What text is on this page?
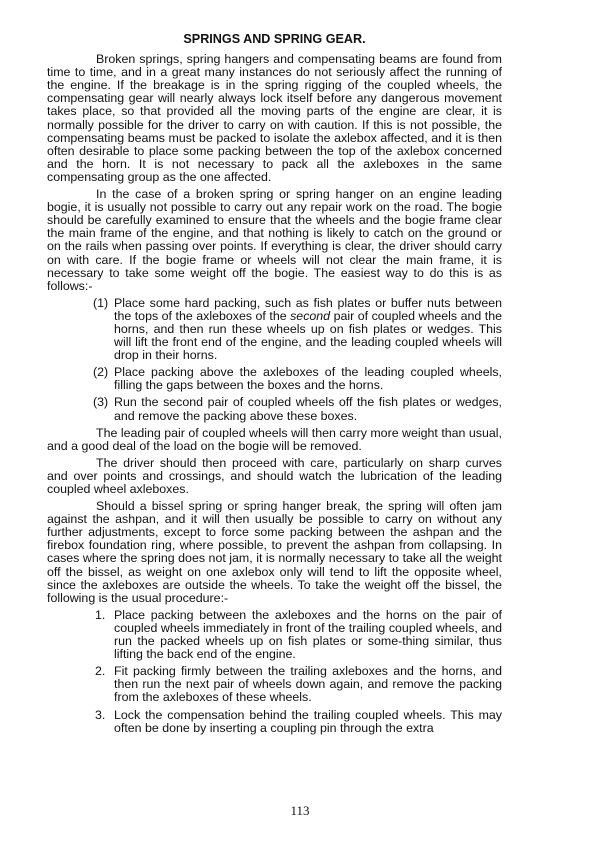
SPRINGS AND SPRING GEAR.

Broken springs, spring hangers and compensating beams are found from time to time, and in a great many instances do not seriously affect the running of the engine. If the breakage is in the spring rigging of the coupled wheels, the compensating gear will nearly always lock itself before any dangerous movement takes place, so that provided all the moving parts of the engine are clear, it is normally possible for the driver to carry on with caution. If this is not possible, the compensating beams must be packed to isolate the axlebox affected, and it is then often desirable to place some packing between the top of the axlebox concerned and the horn. It is not necessary to pack all the axleboxes in the same compensating group as the one affected.

In the case of a broken spring or spring hanger on an engine leading bogie, it is usually not possible to carry out any repair work on the road. The bogie should be carefully examined to ensure that the wheels and the bogie frame clear the main frame of the engine, and that nothing is likely to catch on the ground or on the rails when passing over points. If everything is clear, the driver should carry on with care. If the bogie frame or wheels will not clear the main frame, it is necessary to take some weight off the bogie. The easiest way to do this is as follows:-

(1) Place some hard packing, such as fish plates or buffer nuts between the tops of the axleboxes of the second pair of coupled wheels and the horns, and then run these wheels up on fish plates or wedges. This will lift the front end of the engine, and the leading coupled wheels will drop in their horns.
(2) Place packing above the axleboxes of the leading coupled wheels, filling the gaps between the boxes and the horns.
(3) Run the second pair of coupled wheels off the fish plates or wedges, and remove the packing above these boxes.

The leading pair of coupled wheels will then carry more weight than usual, and a good deal of the load on the bogie will be removed.

The driver should then proceed with care, particularly on sharp curves and over points and crossings, and should watch the lubrication of the leading coupled wheel axleboxes.

Should a bissel spring or spring hanger break, the spring will often jam against the ashpan, and it will then usually be possible to carry on without any further adjustments, except to force some packing between the ashpan and the firebox foundation ring, where possible, to prevent the ashpan from collapsing. In cases where the spring does not jam, it is normally necessary to take all the weight off the bissel, as weight on one axlebox only will tend to lift the opposite wheel, since the axleboxes are outside the wheels. To take the weight off the bissel, the following is the usual procedure:-

1. Place packing between the axleboxes and the horns on the pair of coupled wheels immediately in front of the trailing coupled wheels, and run the packed wheels up on fish plates or some-thing similar, thus lifting the back end of the engine.
2. Fit packing firmly between the trailing axleboxes and the horns, and then run the next pair of wheels down again, and remove the packing from the axleboxes of these wheels.
3. Lock the compensation behind the trailing coupled wheels. This may often be done by inserting a coupling pin through the extra
113
